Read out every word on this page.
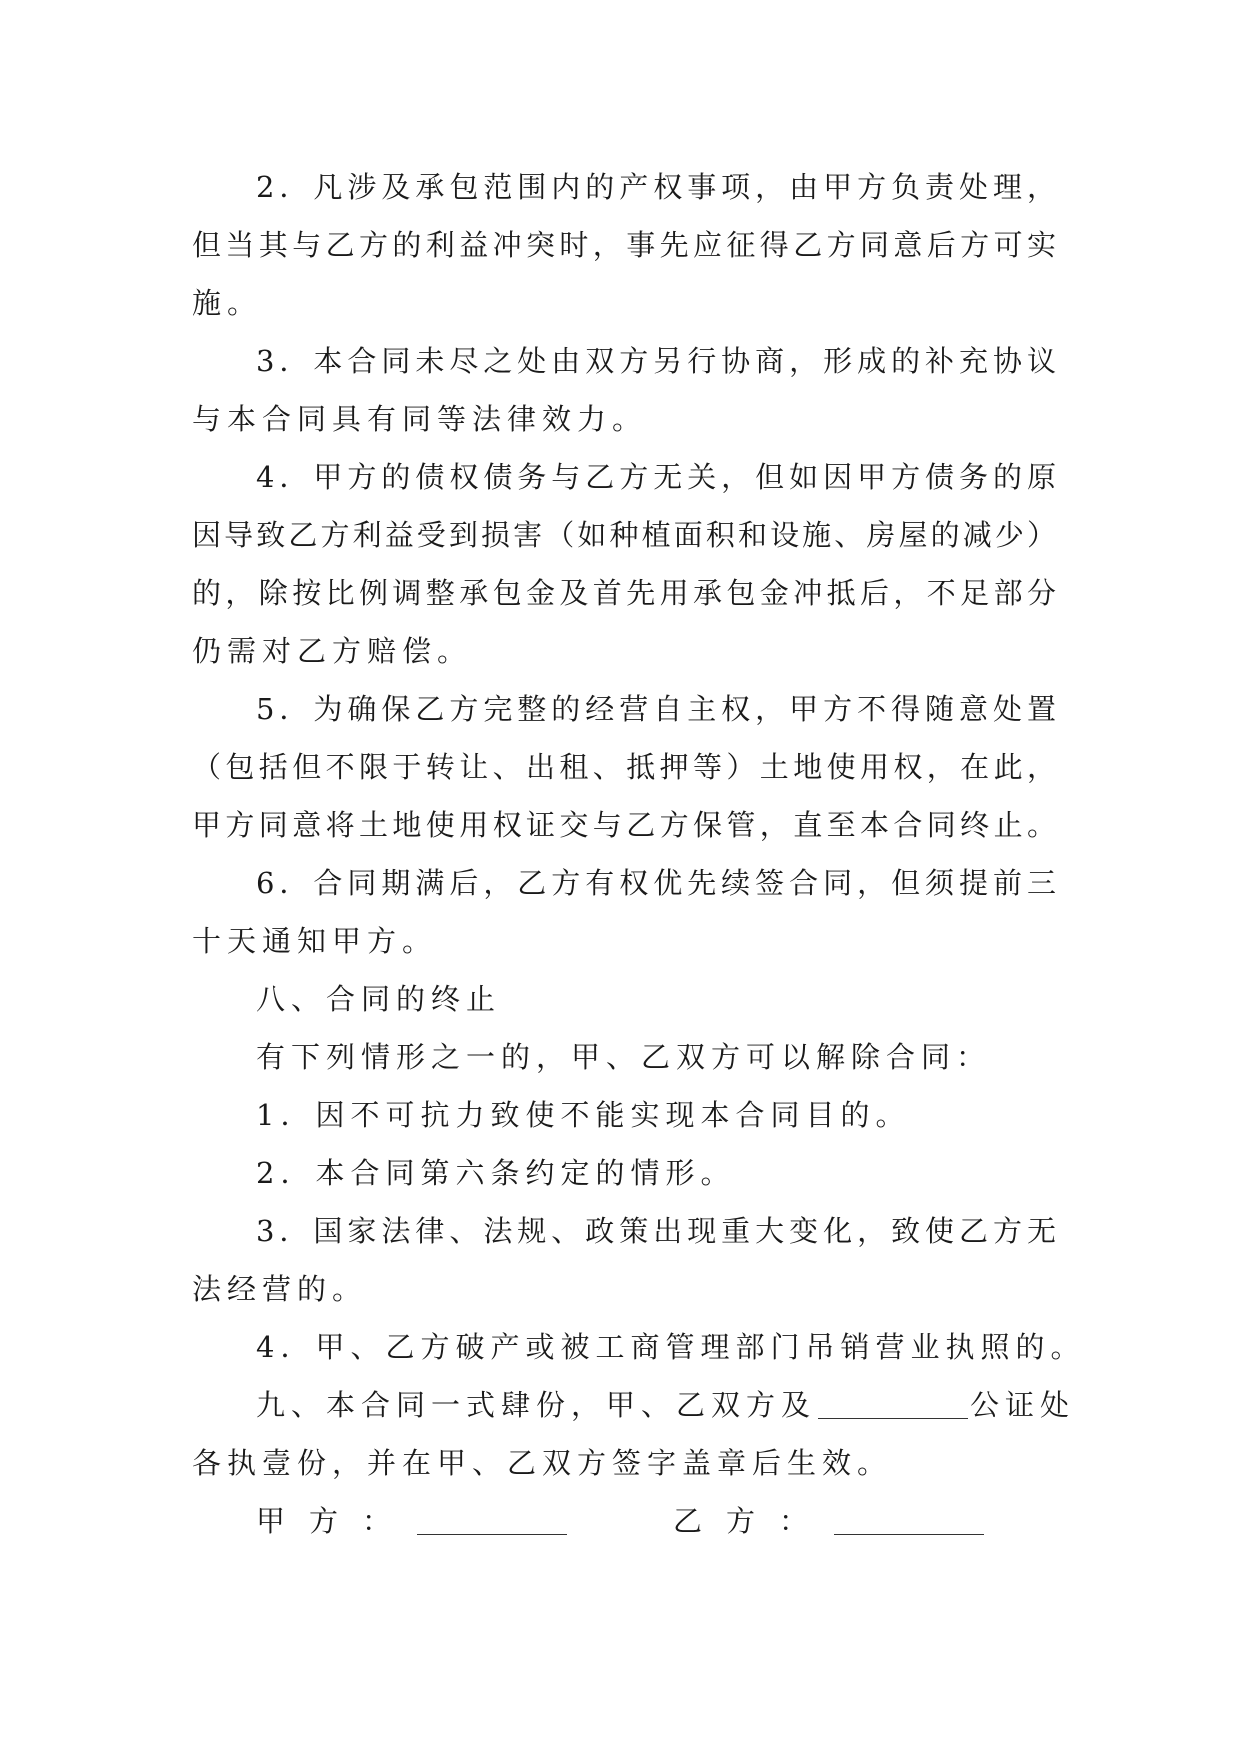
2．凡涉及承包范围内的产权事项，由甲方负责处理，
但当其与乙方的利益冲突时，事先应征得乙方同意后方可实
施。
3．本合同未尽之处由双方另行协商，形成的补充协议
与本合同具有同等法律效力。
4．甲方的债权债务与乙方无关，但如因甲方债务的原
因导致乙方利益受到损害（如种植面积和设施、房屋的减少）
的，除按比例调整承包金及首先用承包金冲抵后，不足部分
仍需对乙方赔偿。
5．为确保乙方完整的经营自主权，甲方不得随意处置
（包括但不限于转让、出租、抵押等）土地使用权，在此，
甲方同意将土地使用权证交与乙方保管，直至本合同终止。
6．合同期满后，乙方有权优先续签合同，但须提前三
十天通知甲方。
八、合同的终止
有下列情形之一的，甲、乙双方可以解除合同：
1．因不可抗力致使不能实现本合同目的。
2．本合同第六条约定的情形。
3．国家法律、法规、政策出现重大变化，致使乙方无
法经营的。
4．甲、乙方破产或被工商管理部门吊销营业执照的。
九、本合同一式肆份，甲、乙双方及	公证处
各执壹份，并在甲、乙双方签字盖章后生效。
甲方：	乙方：
